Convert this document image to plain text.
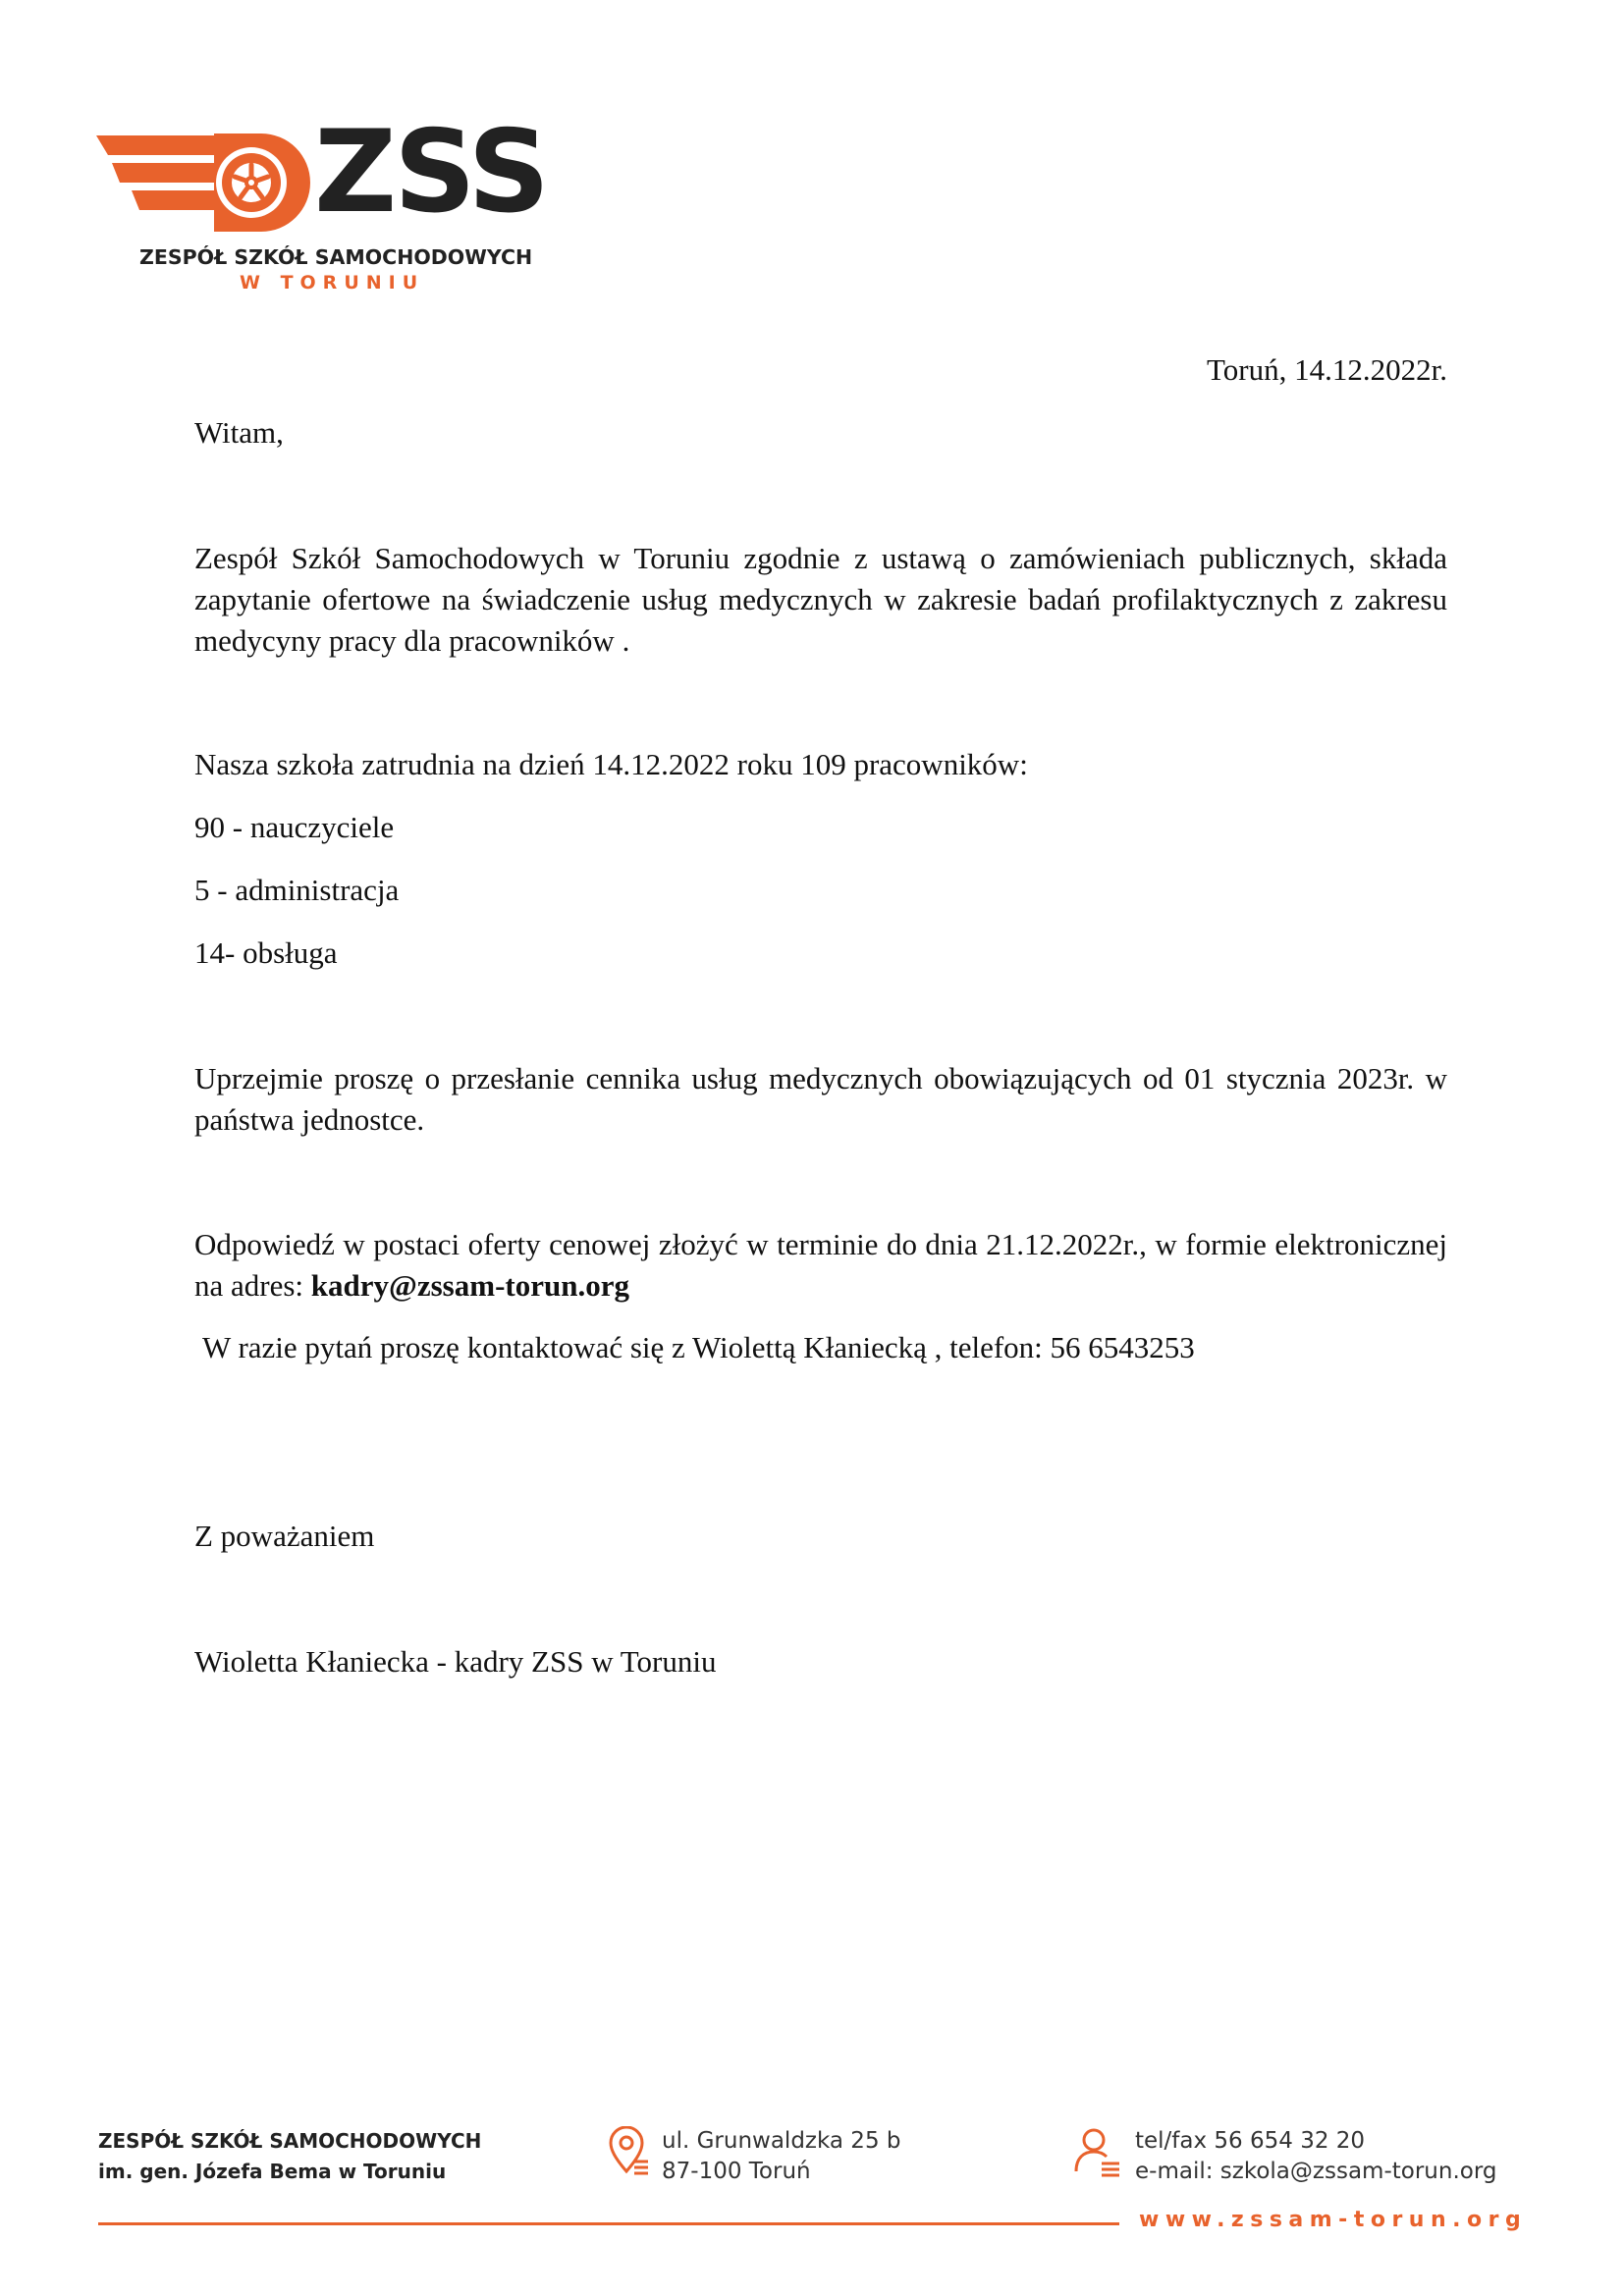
ZSS
ZESPÓŁ SZKÓŁ SAMOCHODOWYCH
W TORUNIU

Toruń, 14.12.2022r.

Witam,

Zespół Szkół Samochodowych w Toruniu zgodnie z ustawą o zamówieniach publicznych, składa zapytanie ofertowe na świadczenie usług medycznych w zakresie badań profilaktycznych z zakresu medycyny pracy dla pracowników .

Nasza szkoła zatrudnia na dzień 14.12.2022 roku 109 pracowników:

90 - nauczyciele

5 - administracja

14- obsługa

Uprzejmie proszę o przesłanie cennika usług medycznych obowiązujących od 01 stycznia 2023r. w państwa jednostce.

Odpowiedź w postaci oferty cenowej złożyć w terminie do dnia 21.12.2022r., w formie elektronicznej na adres: kadry@zssam-torun.org

W razie pytań proszę kontaktować się z Wiolettą Kłaniecką , telefon: 56 6543253

Z poważaniem

Wioletta Kłaniecka - kadry ZSS w Toruniu

ZESPÓŁ SZKÓŁ SAMOCHODOWYCH
im. gen. Józefa Bema w Toruniu
ul. Grunwaldzka 25 b
87-100 Toruń
tel/fax 56 654 32 20
e-mail: szkola@zssam-torun.org
www.zssam-torun.org
